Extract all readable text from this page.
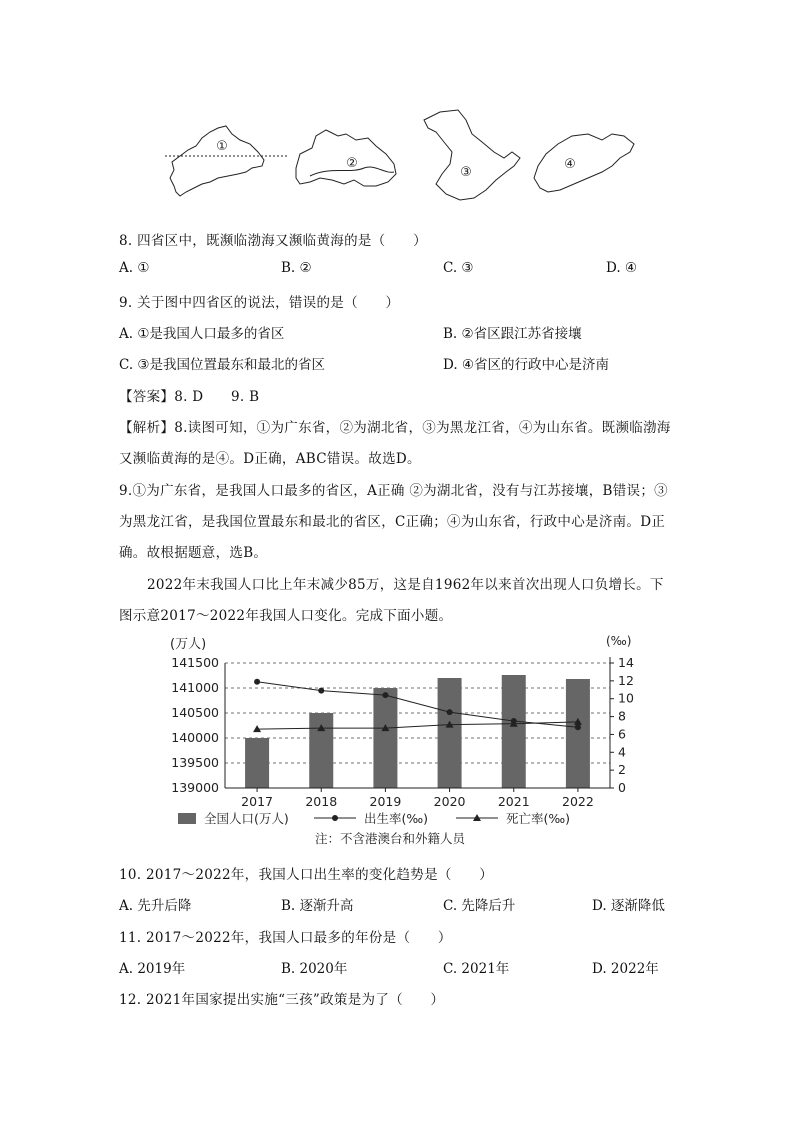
①
②
③
④
8. 四省区中，既濒临渤海又濒临黄海的是（　　）
A. ①	B. ②	C. ③	D. ④
9. 关于图中四省区的说法，错误的是（　　）
A. ①是我国人口最多的省区	B. ②省区跟江苏省接壤
C. ③是我国位置最东和最北的省区	D. ④省区的行政中心是济南
【答案】8. D　　9. B
【解析】8.读图可知，①为广东省，②为湖北省，③为黑龙江省，④为山东省。既濒临渤海
又濒临黄海的是④。D正确，ABC错误。故选D。
9.①为广东省，是我国人口最多的省区，A正确 ②为湖北省，没有与江苏接壤，B错误；③
为黑龙江省，是我国位置最东和最北的省区，C正确；④为山东省，行政中心是济南。D正
确。故根据题意，选B。
2022年末我国人口比上年末减少85万，这是自1962年以来首次出现人口负增长。下
图示意2017～2022年我国人口变化。完成下面小题。
141500
141000
140500
140000
139500
139000
14
12
10
8
6
4
2
0
2017	2018	2019	2020	2021	2022
(万人)	(‰)
全国人口(万人)	出生率(‰)	死亡率(‰)
注：不含港澳台和外籍人员
10. 2017～2022年，我国人口出生率的变化趋势是（　　）
A. 先升后降	B. 逐渐升高	C. 先降后升	D. 逐渐降低
11. 2017～2022年，我国人口最多的年份是（　　）
A. 2019年	B. 2020年	C. 2021年	D. 2022年
12. 2021年国家提出实施“三孩”政策是为了（　　）
